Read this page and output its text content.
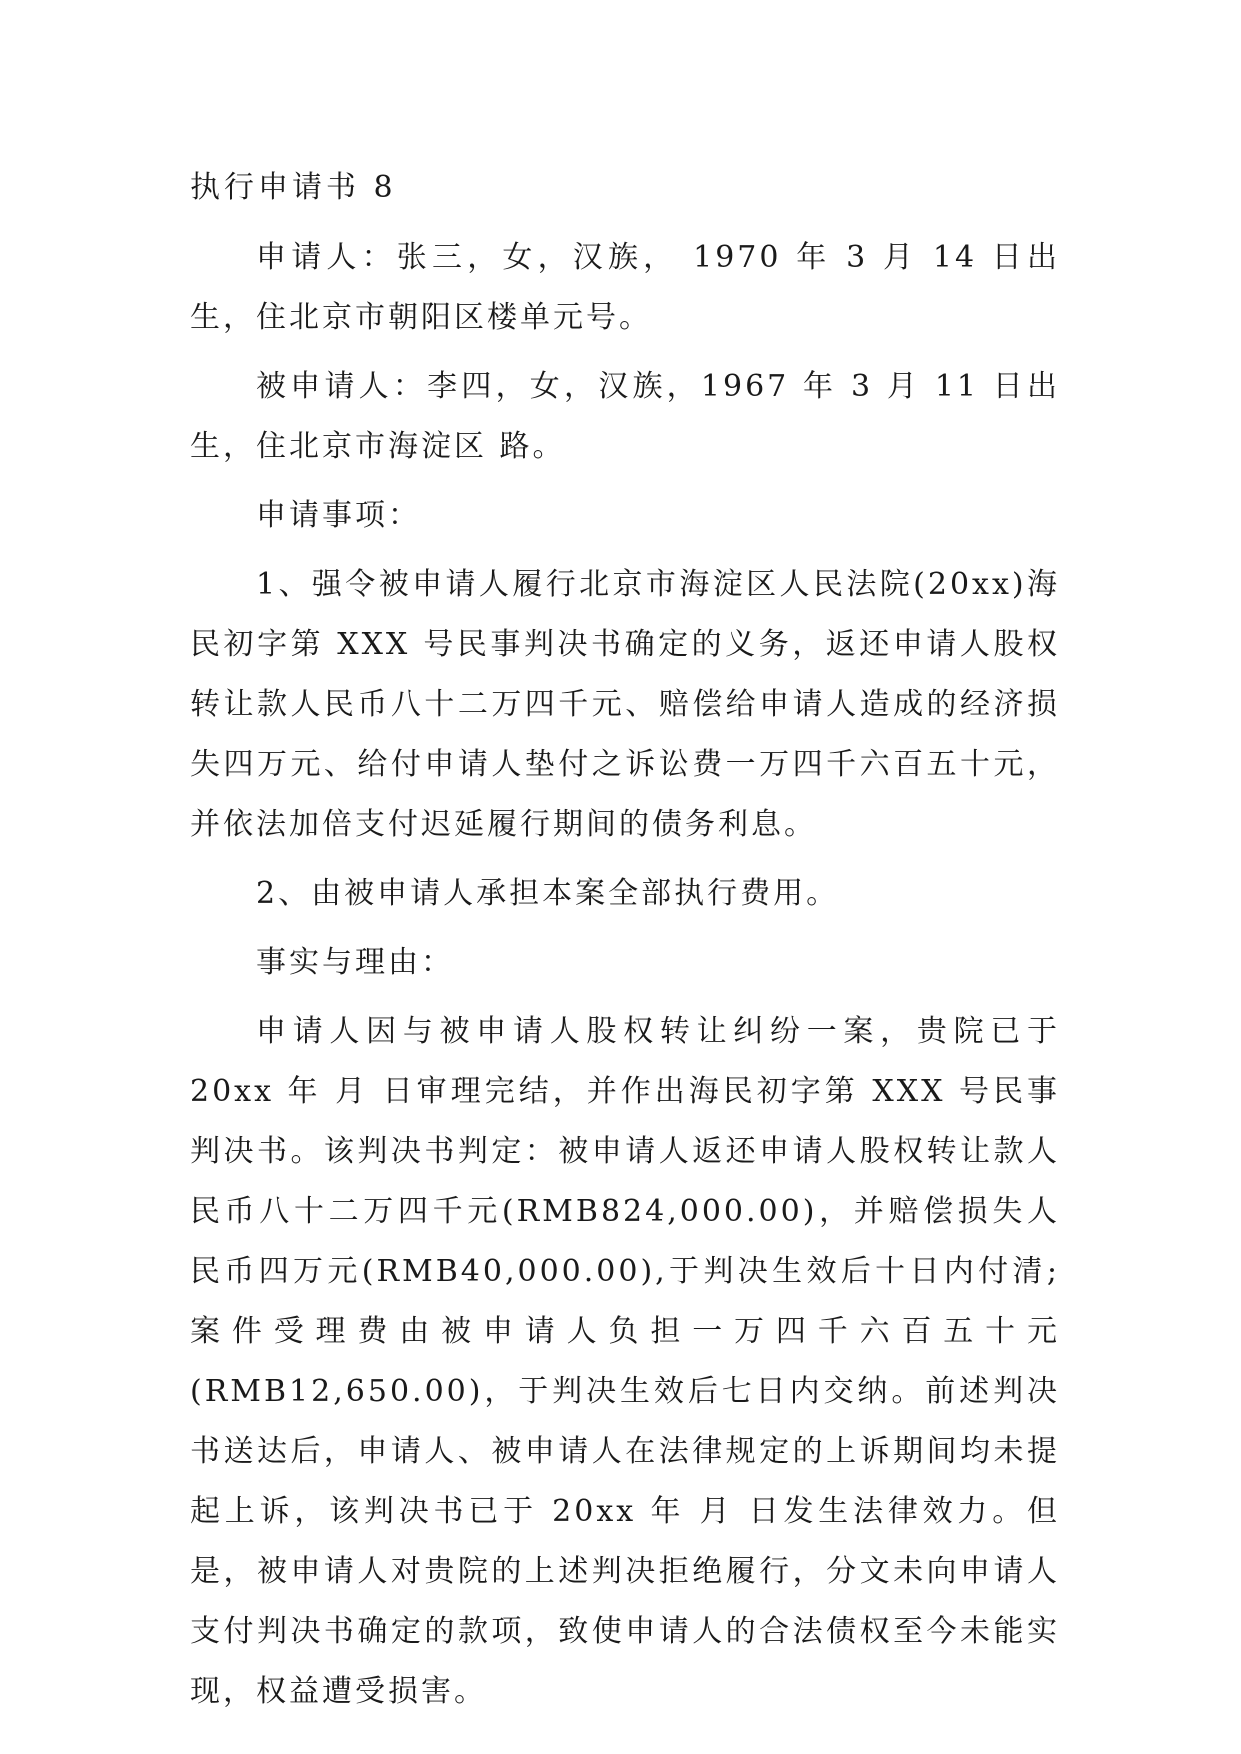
执行申请书 8
申请人：张三，女，汉族， 1970 年 3 月 14 日出生，住北京市朝阳区楼单元号。
被申请人：李四，女，汉族，1967 年 3 月 11 日出生，住北京市海淀区 路。
申请事项：
1、强令被申请人履行北京市海淀区人民法院(20xx)海民初字第 XXX 号民事判决书确定的义务，返还申请人股权转让款人民币八十二万四千元、赔偿给申请人造成的经济损失四万元、给付申请人垫付之诉讼费一万四千六百五十元，并依法加倍支付迟延履行期间的债务利息。
2、由被申请人承担本案全部执行费用。
事实与理由：
申请人因与被申请人股权转让纠纷一案，贵院已于 20xx 年 月 日审理完结，并作出海民初字第 XXX 号民事判决书。该判决书判定：被申请人返还申请人股权转让款人民币八十二万四千元(RMB824,000.00)，并赔偿损失人民币四万元(RMB40,000.00),于判决生效后十日内付清;案件受理费由被申请人负担一万四千六百五十元(RMB12,650.00)，于判决生效后七日内交纳。前述判决书送达后，申请人、被申请人在法律规定的上诉期间均未提起上诉，该判决书已于 20xx 年 月 日发生法律效力。但是，被申请人对贵院的上述判决拒绝履行，分文未向申请人支付判决书确定的款项，致使申请人的合法债权至今未能实现，权益遭受损害。
